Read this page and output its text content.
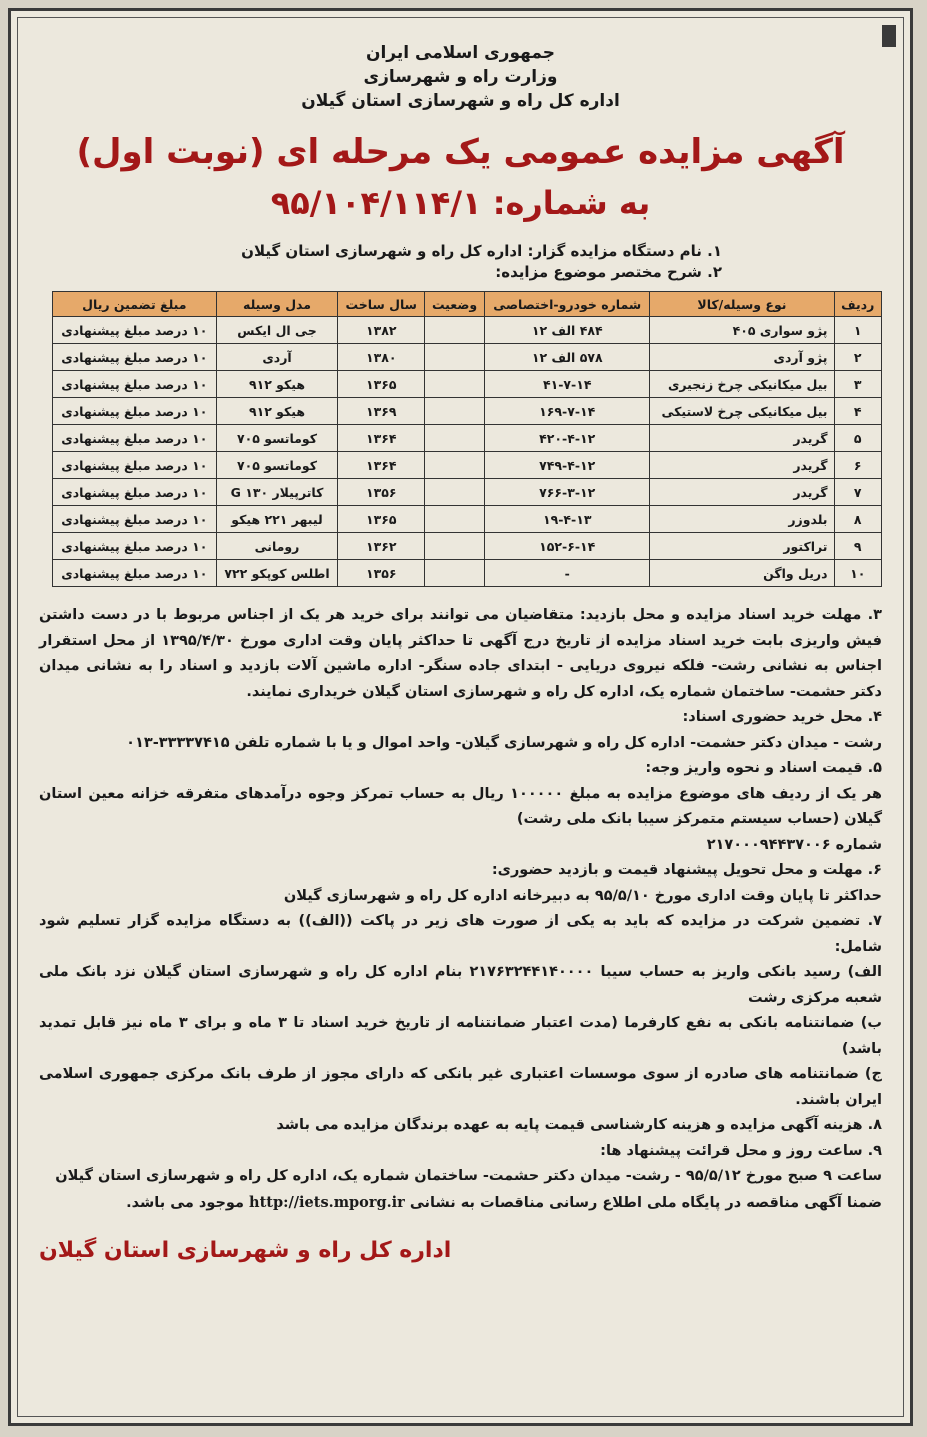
جمهوری اسلامی ایران
وزارت راه و شهرسازی
اداره کل راه و شهرسازی استان گیلان
آگهی مزایده عمومی یک مرحله ای (نوبت اول)
به شماره: ۹۵/۱۰۴/۱۱۴/۱
۱. نام دستگاه مزایده گزار: اداره کل راه و شهرسازی استان گیلان
۲. شرح مختصر موضوع مزایده:
ردیف	نوع وسیله/کالا	شماره خودرو-اختصاصی	وضعیت	سال ساخت	مدل وسیله	مبلغ تضمین ریال
۱	پژو سواری ۴۰۵	۴۸۴ الف ۱۲		۱۳۸۲	جی ال ایکس	۱۰ درصد مبلغ پیشنهادی
۲	پژو آردی	۵۷۸ الف ۱۲		۱۳۸۰	آردی	۱۰ درصد مبلغ پیشنهادی
۳	بیل میکانیکی چرخ زنجیری	۴۱-۷-۱۴		۱۳۶۵	هیکو ۹۱۲	۱۰ درصد مبلغ پیشنهادی
۴	بیل میکانیکی چرخ لاستیکی	۱۶۹-۷-۱۴		۱۳۶۹	هیکو ۹۱۲	۱۰ درصد مبلغ پیشنهادی
۵	گریدر	۴۲۰-۴-۱۲		۱۳۶۴	کوماتسو ۷۰۵	۱۰ درصد مبلغ پیشنهادی
۶	گریدر	۷۴۹-۴-۱۲		۱۳۶۴	کوماتسو ۷۰۵	۱۰ درصد مبلغ پیشنهادی
۷	گریدر	۷۶۶-۳-۱۲		۱۳۵۶	کاترپیلار G ۱۳۰	۱۰ درصد مبلغ پیشنهادی
۸	بلدوزر	۱۹-۴-۱۳		۱۳۶۵	لیبهر ۲۲۱ هیکو	۱۰ درصد مبلغ پیشنهادی
۹	تراکتور	۱۵۲-۶-۱۴		۱۳۶۲	رومانی	۱۰ درصد مبلغ پیشنهادی
۱۰	دریل واگن	-		۱۳۵۶	اطلس کوپکو ۷۲۲	۱۰ درصد مبلغ پیشنهادی

۳. مهلت خرید اسناد مزایده و محل بازدید: متقاضیان می توانند برای خرید هر یک از اجناس مربوط با در دست داشتن فیش واریزی بابت خرید اسناد مزایده از تاریخ درج آگهی تا حداکثر پایان وقت اداری مورخ ۱۳۹۵/۴/۳۰ از محل استقرار اجناس به نشانی رشت- فلکه نیروی دریایی - ابتدای جاده سنگر- اداره ماشین آلات بازدید و اسناد را به نشانی میدان دکتر حشمت- ساختمان شماره یک، اداره کل راه و شهرسازی استان گیلان خریداری نمایند.

۴. محل خرید حضوری اسناد:

رشت - میدان دکتر حشمت- اداره کل راه و شهرسازی گیلان- واحد اموال و یا با شماره تلفن ۳۳۳۳۷۴۱۵-۰۱۳

۵. قیمت اسناد و نحوه واریز وجه:

هر یک از ردیف های موضوع مزایده به مبلغ ۱۰۰۰۰۰ ریال به حساب تمرکز وجوه درآمدهای متفرقه خزانه معین استان گیلان (حساب سیستم متمرکز سیبا بانک ملی رشت)

شماره ۲۱۷۰۰۰۹۴۴۳۷۰۰۶

۶. مهلت و محل تحویل پیشنهاد قیمت و بازدید حضوری:

حداکثر تا پایان وقت اداری مورخ ۹۵/۵/۱۰ به دبیرخانه اداره کل راه و شهرسازی گیلان

۷. تضمین شرکت در مزایده که باید به یکی از صورت های زیر در پاکت ((الف)) به دستگاه مزایده گزار تسلیم شود شامل:

الف) رسید بانکی واریز به حساب سیبا ۲۱۷۶۳۲۴۴۱۴۰۰۰۰ بنام اداره کل راه و شهرسازی استان گیلان نزد بانک ملی شعبه مرکزی رشت

ب) ضمانتنامه بانکی به نفع کارفرما (مدت اعتبار ضمانتنامه از تاریخ خرید اسناد تا ۳ ماه و برای ۳ ماه نیز قابل تمدید باشد)

ج) ضمانتنامه های صادره از سوی موسسات اعتباری غیر بانکی که دارای مجوز از طرف بانک مرکزی جمهوری اسلامی ایران باشند.

۸. هزینه آگهی مزایده و هزینه کارشناسی قیمت پایه به عهده برندگان مزایده می باشد

۹. ساعت روز و محل قرائت پیشنهاد ها:

ساعت ۹ صبح مورخ ۹۵/۵/۱۲ - رشت- میدان دکتر حشمت- ساختمان شماره یک، اداره کل راه و شهرسازی استان گیلان

ضمنا آگهی مناقصه در پایگاه ملی اطلاع رسانی مناقصات به نشانی http://iets.mporg.ir موجود می باشد.

اداره کل راه و شهرسازی استان گیلان
